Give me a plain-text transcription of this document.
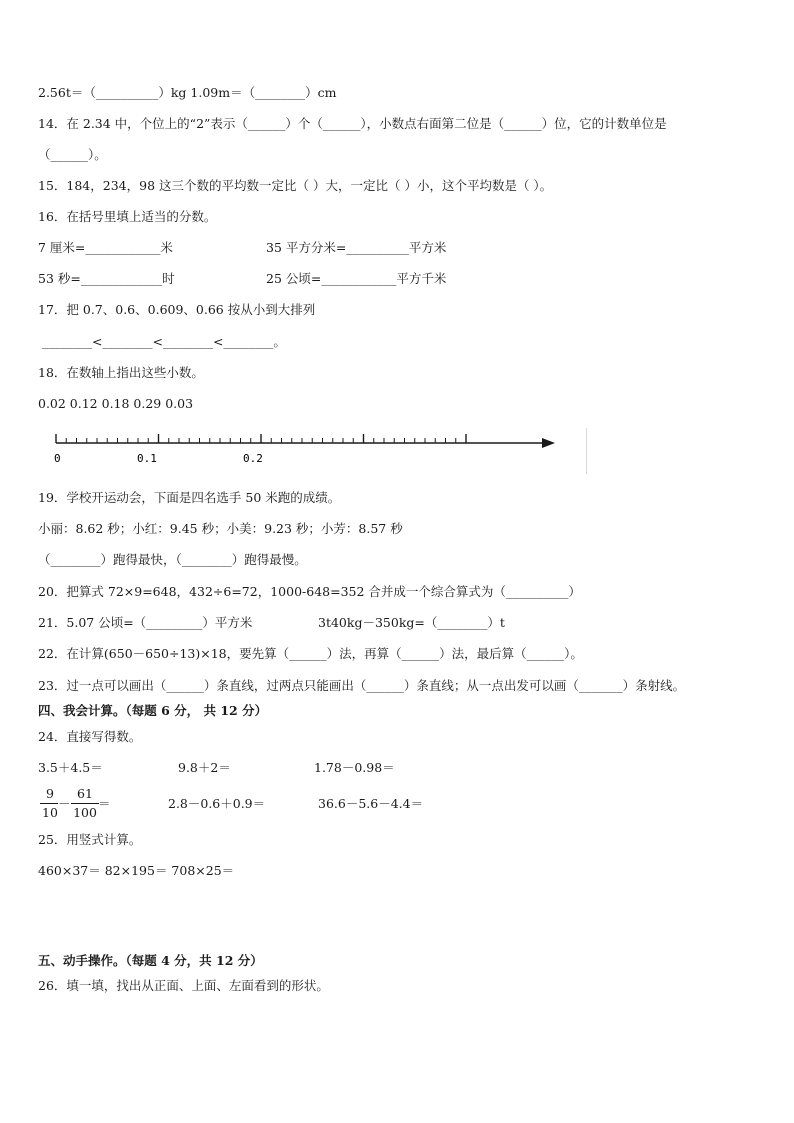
2.56t＝（__________）kg 1.09m＝（________）cm
14．在 2.34 中，个位上的“2”表示（______）个（______），小数点右面第二位是（______）位，它的计数单位是
（______）。
15．184，234，98 这三个数的平均数一定比（ ）大，一定比（ ）小，这个平均数是（ ）。
16．在括号里填上适当的分数。
7 厘米=____________米	35 平方分米=__________平方米
53 秒=_____________时	25 公顷=____________平方千米
17．把 0.7、0.6、0.609、0.66 按从小到大排列
________<________<________<________。
18．在数轴上指出这些小数。
0.02 0.12 0.18 0.29 0.03
0	0.1	0.2
19．学校开运动会，下面是四名选手 50 米跑的成绩。
小丽：8.62 秒；小红：9.45 秒；小美：9.23 秒；小芳：8.57 秒
（________）跑得最快，（________）跑得最慢。
20．把算式 72×9=648，432÷6=72，1000-648=352 合并成一个综合算式为（__________）
21．5.07 公顷=（_________）平方米	3t40kg－350kg=（________）t
22．在计算(650－650÷13)×18，要先算（______）法，再算（______）法，最后算（______）。
23．过一点可以画出（______）条直线，过两点只能画出（______）条直线；从一点出发可以画（_______）条射线。
四、我会计算。（每题 6 分， 共 12 分）
24．直接写得数。
3.5＋4.5＝	9.8＋2＝	1.78－0.98＝
9
10
－
61
100
＝	2.8－0.6＋0.9＝	36.6－5.6－4.4＝
25．用竖式计算。
460×37＝ 82×195＝ 708×25＝
五、动手操作。（每题 4 分，共 12 分）
26．填一填，找出从正面、上面、左面看到的形状。
